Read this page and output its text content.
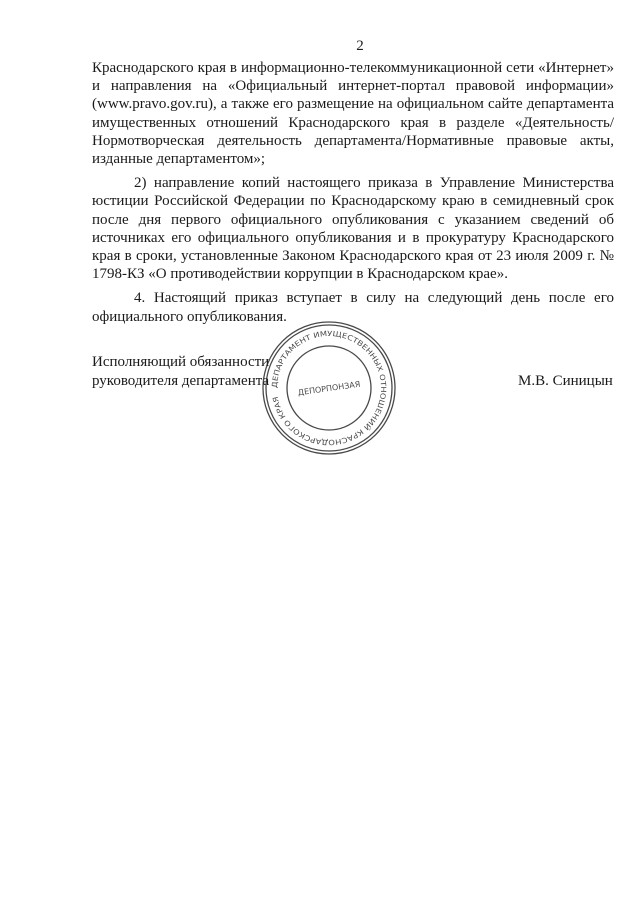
2

Краснодарского края в информационно-телекоммуникационной сети «Интернет» и направления на «Официальный интернет-портал правовой информации» (www.pravo.gov.ru), а также его размещение на официальном сайте департамента имущественных отношений Краснодарского края в разделе «Деятельность/Нормотворческая деятельность департамента/Нормативные правовые акты, изданные департаментом»;

2) направление копий настоящего приказа в Управление Министерства юстиции Российской Федерации по Краснодарскому краю в семидневный срок после дня первого официального опубликования с указанием сведений об источниках его официального опубликования и в прокуратуру Краснодарского края в сроки, установленные Законом Краснодарского края от 23 июля 2009 г. № 1798-КЗ «О противодействии коррупции в Краснодарском крае».

4. Настоящий приказ вступает в силу на следующий день после его официального опубликования.

Исполняющий обязанности
руководителя департамента	М.В. Синицын
ДЕПАРТАМЕНТ ИМУЩЕСТВЕННЫХ ОТНОШЕНИЙ КРАСНОДАРСКОГО КРАЯ
ДЕПОРПОНЗАЯ
